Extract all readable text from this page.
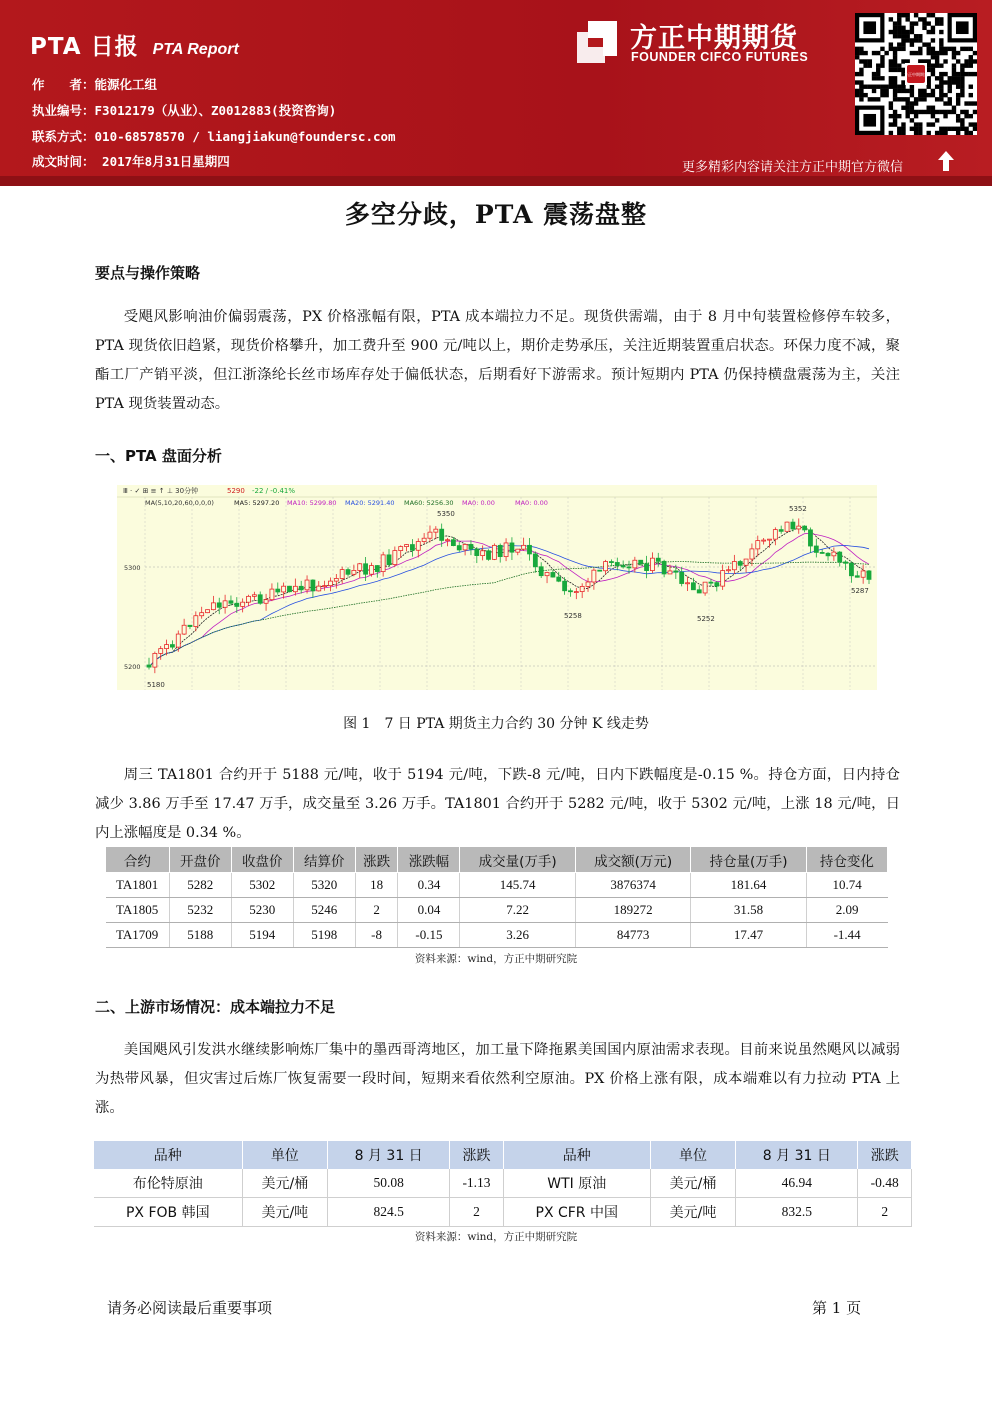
PTA 日报 PTA Report
作　　者：能源化工组
执业编号：F3012179（从业）、Z0012883(投资咨询)
联系方式：010-68578570 / liangjiakun@foundersc.com
成文时间： 2017年8月31日星期四
方正中期期货
FOUNDER CIFCO FUTURES
方正中期期货
更多精彩内容请关注方正中期官方微信
多空分歧，PTA 震荡盘整
要点与操作策略
受飓风影响油价偏弱震荡，PX 价格涨幅有限，PTA 成本端拉力不足。现货供需端，由于 8 月中旬装置检修停车较多，PTA 现货依旧趋紧，现货价格攀升，加工费升至 900 元/吨以上，期价走势承压，关注近期装置重启状态。环保力度不减，聚酯工厂产销平淡，但江浙涤纶长丝市场库存处于偏低状态，后期看好下游需求。预计短期内 PTA 仍保持横盘震荡为主，关注 PTA 现货装置动态。
一、PTA 盘面分析
Ⅲ · ✓ ⊞ ≡ ↑ ⊥ 30分钟	5290 -22 / -0.41%
MA(5,10,20,60,0,0,0)	MA5: 5297.20 MA10: 5299.80 MA20: 5291.40 MA60: 5256.30 MA0: 0.00	MA0: 0.00
5300
5200
5350
5352
5258	5252
5287
5180
图 1　7 日 PTA 期货主力合约 30 分钟 K 线走势
周三 TA1801 合约开于 5188 元/吨，收于 5194 元/吨，下跌-8 元/吨，日内下跌幅度是-0.15 %。持仓方面，日内持仓减少 3.86 万手至 17.47 万手，成交量至 3.26 万手。TA1801 合约开于 5282 元/吨，收于 5302 元/吨，上涨 18 元/吨，日内上涨幅度是 0.34 %。
合约	开盘价	收盘价	结算价	涨跌	涨跌幅	成交量(万手)	成交额(万元)	持仓量(万手)	持仓变化
TA1801	5282	5302	5320	18	0.34	145.74	3876374	181.64	10.74
TA1805	5232	5230	5246	2	0.04	7.22	189272	31.58	2.09
TA1709	5188	5194	5198	-8	-0.15	3.26	84773	17.47	-1.44
资料来源：wind，方正中期研究院
二、上游市场情况：成本端拉力不足
美国飓风引发洪水继续影响炼厂集中的墨西哥湾地区，加工量下降拖累美国国内原油需求表现。目前来说虽然飓风以减弱为热带风暴，但灾害过后炼厂恢复需要一段时间，短期来看依然利空原油。PX 价格上涨有限，成本端难以有力拉动 PTA 上涨。
品种	单位	8 月 31 日	涨跌	品种	单位	8 月 31 日	涨跌
布伦特原油	美元/桶	50.08	-1.13	WTI 原油	美元/桶	46.94	-0.48
PX FOB 韩国	美元/吨	824.5	2	PX CFR 中国	美元/吨	832.5	2
资料来源：wind，方正中期研究院
请务必阅读最后重要事项	第 1 页
